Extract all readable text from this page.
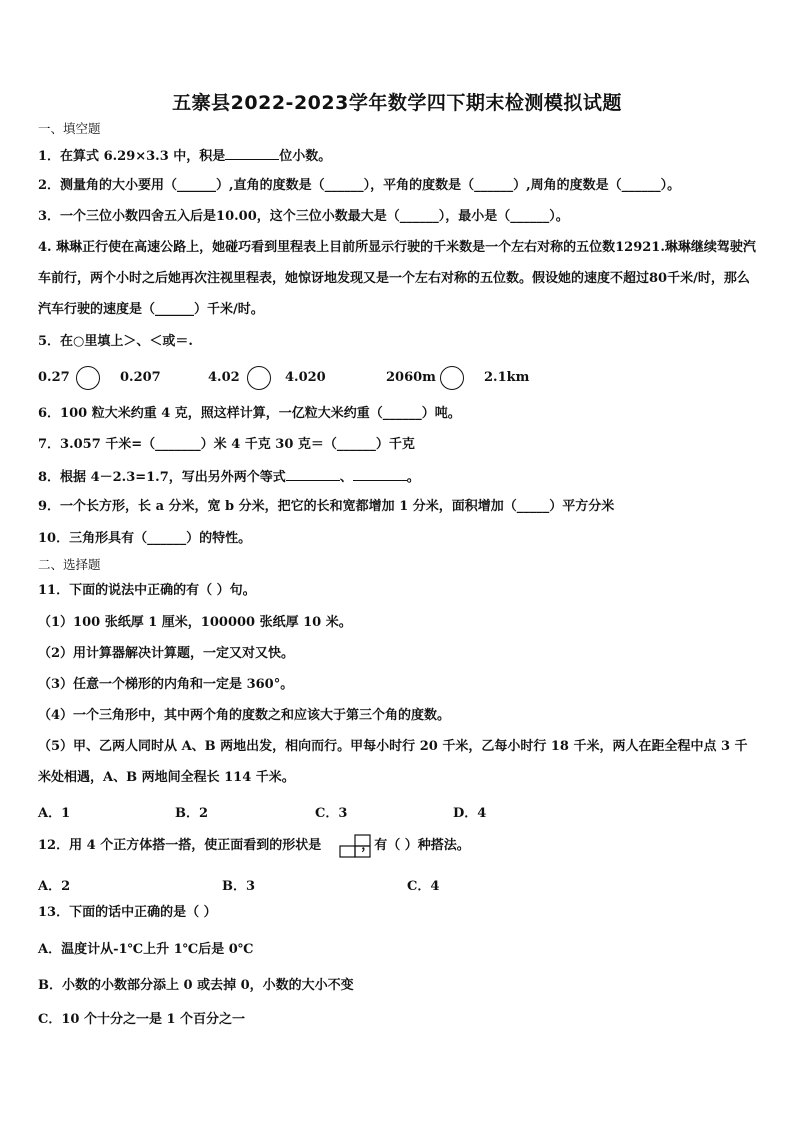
五寨县2022-2023学年数学四下期末检测模拟试题
一、填空题
1．在算式 6.29×3.3 中，积是	位小数。
2．测量角的大小要用（______）,直角的度数是（______），平角的度数是（______）,周角的度数是（______）。
3．一个三位小数四舍五入后是10.00，这个三位小数最大是（______），最小是（______）。
4. 琳琳正行使在高速公路上，她碰巧看到里程表上目前所显示行驶的千米数是一个左右对称的五位数12921.琳琳继续驾驶汽车前行，两个小时之后她再次注视里程表，她惊讶地发现又是一个左右对称的五位数。假设她的速度不超过80千米/时，那么汽车行驶的速度是（______）千米/时。
5．在○里填上＞、＜或＝.
0.27	0.207	4.02	4.020	2060m	2.1km
6．100 粒大米约重 4 克，照这样计算，一亿粒大米约重（______）吨。
7．3.057 千米=（_______）米 4 千克 30 克＝（______）千克
8．根据 4－2.3=1.7，写出另外两个等式	、	。
9．一个长方形，长 a 分米，宽 b 分米，把它的长和宽都增加 1 分米，面积增加（_____）平方分米
10．三角形具有（______）的特性。
二、选择题
11．下面的说法中正确的有（ ）句。
（1）100 张纸厚 1 厘米，100000 张纸厚 10 米。
（2）用计算器解决计算题，一定又对又快。
（3）任意一个梯形的内角和一定是 360°。
（4）一个三角形中，其中两个角的度数之和应该大于第三个角的度数。
（5）甲、乙两人同时从 A、B 两地出发，相向而行。甲每小时行 20 千米，乙每小时行 18 千米，两人在距全程中点 3 千米处相遇，A、B 两地间全程长 114 千米。
A．1	B．2	C．3	D．4
12．用 4 个正方体搭一搭，使正面看到的形状是	，有（ ）种搭法。
A．2	B．3	C．4
13．下面的话中正确的是（ ）
A．温度计从-1℃上升 1℃后是 0℃
B．小数的小数部分添上 0 或去掉 0，小数的大小不变
C．10 个十分之一是 1 个百分之一
